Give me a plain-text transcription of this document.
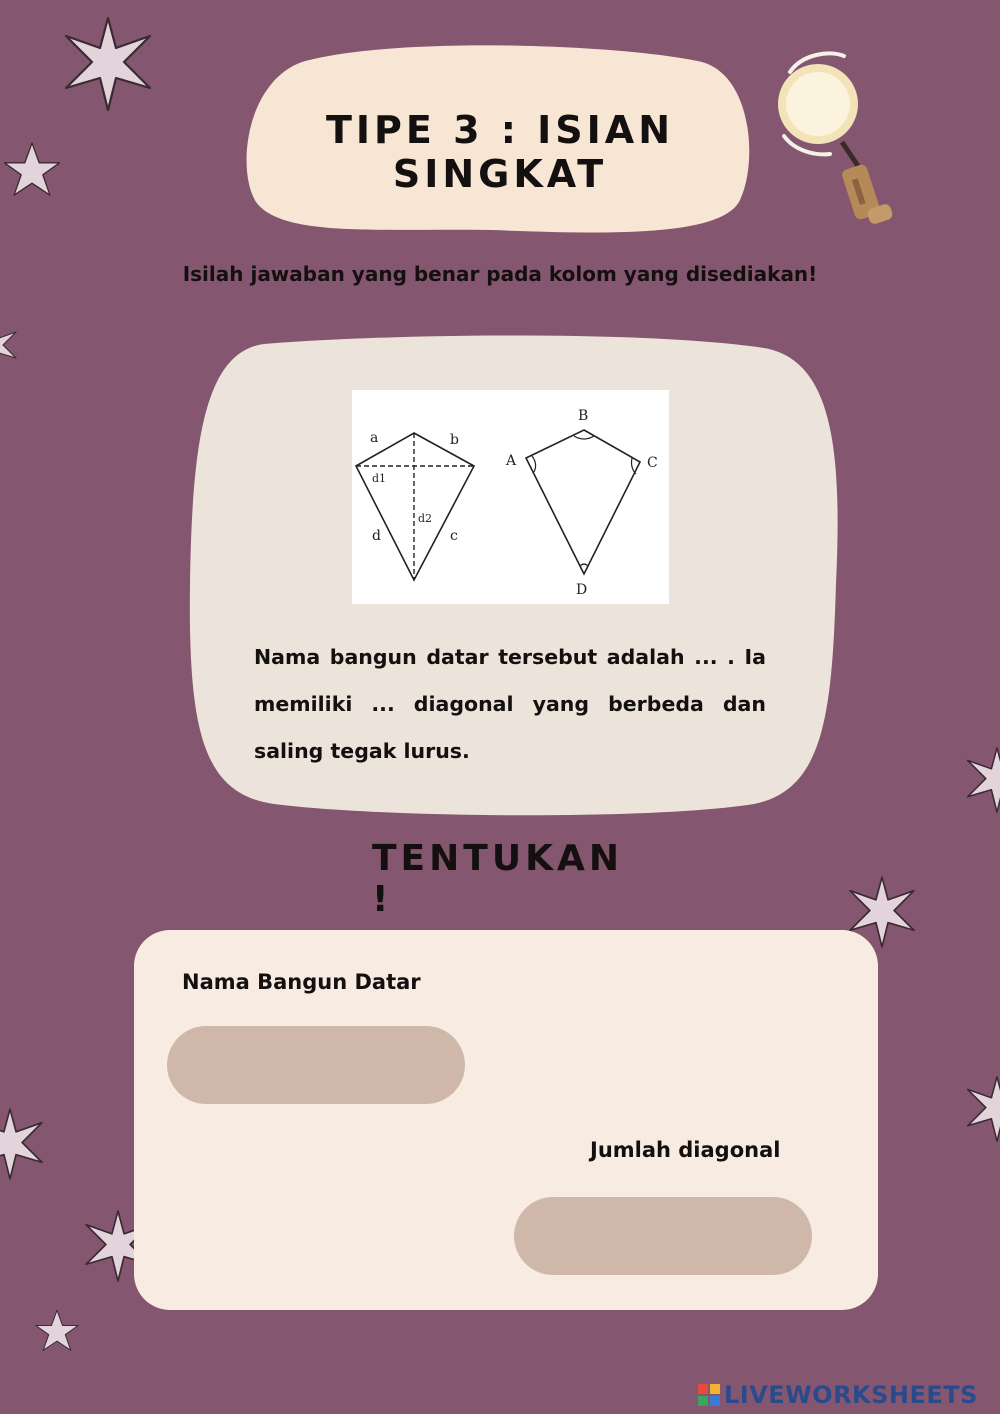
TIPE 3 : ISIAN SINGKAT
Isilah jawaban yang benar pada kolom yang disediakan!
a	b
c
d
d1
d2
A
B
C
D
Nama bangun datar tersebut adalah ... . Ia memiliki ... diagonal yang berbeda dan saling tegak lurus.
TENTUKAN !
Nama Bangun Datar
Jumlah diagonal
LIVEWORKSHEETS
